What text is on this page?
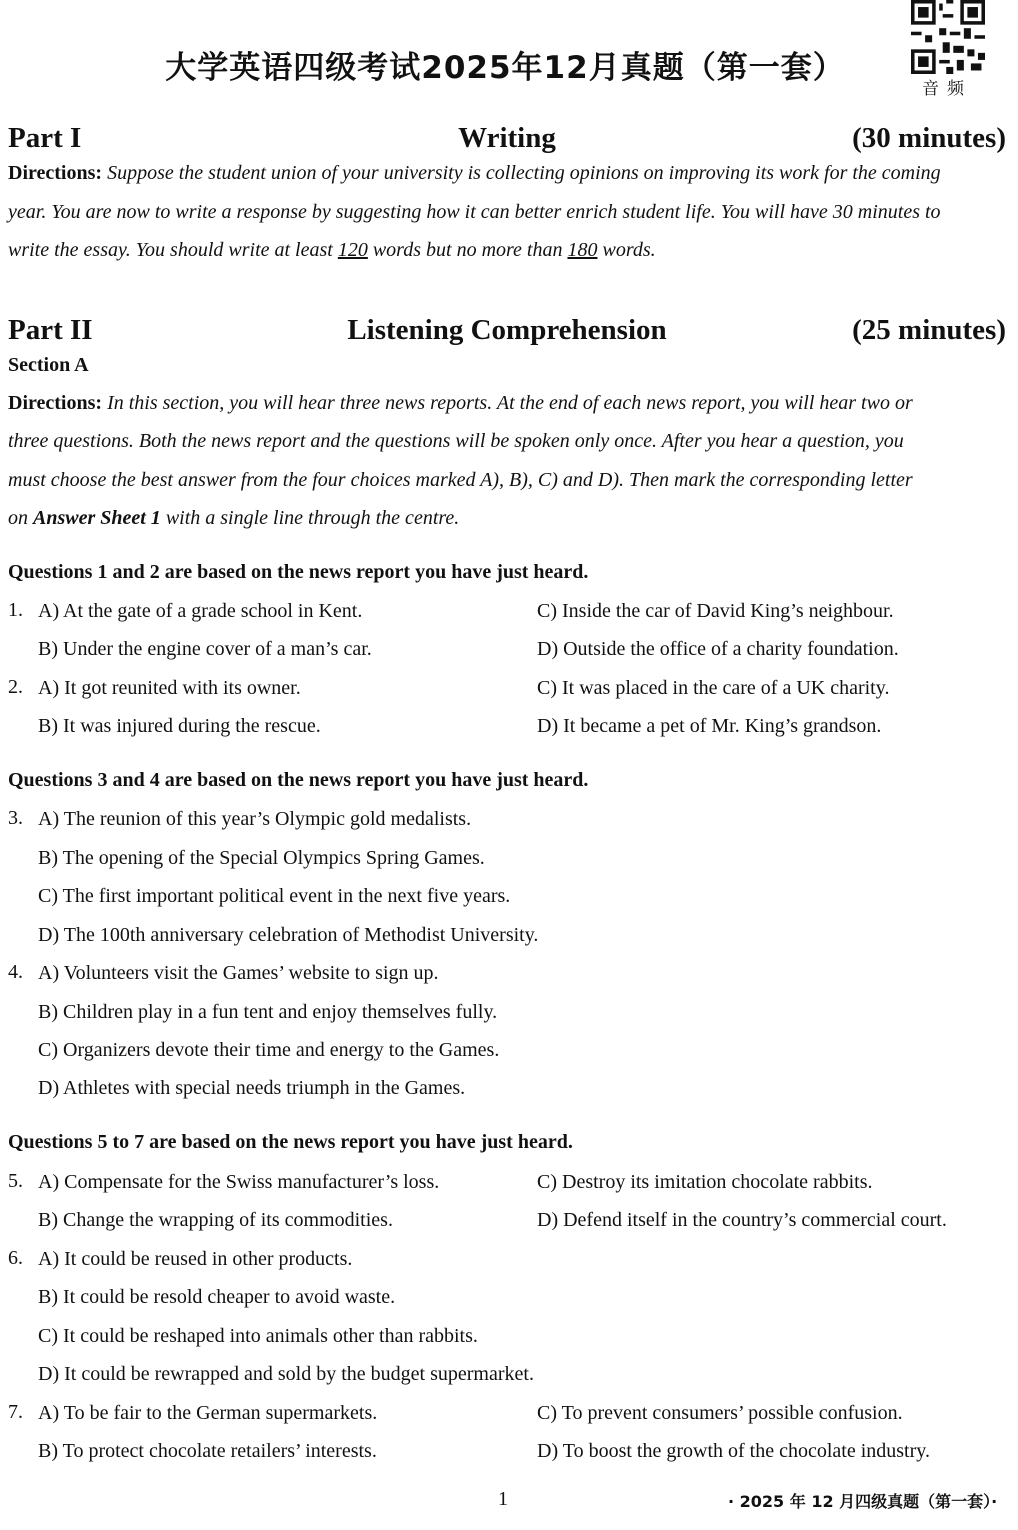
大学英语四级考试2025年12月真题（第一套）
音频
Part I	Writing	(30 minutes)
Directions: Suppose the student union of your university is collecting opinions on improving its work for the coming
year. You are now to write a response by suggesting how it can better enrich student life. You will have 30 minutes to
write the essay. You should write at least 120 words but no more than 180 words.
Part II	Listening Comprehension	(25 minutes)
Section A
Directions: In this section, you will hear three news reports. At the end of each news report, you will hear two or
three questions. Both the news report and the questions will be spoken only once. After you hear a question, you
must choose the best answer from the four choices marked A), B), C) and D). Then mark the corresponding letter
on Answer Sheet 1 with a single line through the centre.
Questions 1 and 2 are based on the news report you have just heard.
1. A) At the gate of a grade school in Kent.	C) Inside the car of David King’s neighbour.
B) Under the engine cover of a man’s car.	D) Outside the office of a charity foundation.
2. A) It got reunited with its owner.	C) It was placed in the care of a UK charity.
B) It was injured during the rescue.	D) It became a pet of Mr. King’s grandson.
Questions 3 and 4 are based on the news report you have just heard.
3. A) The reunion of this year’s Olympic gold medalists.
B) The opening of the Special Olympics Spring Games.
C) The first important political event in the next five years.
D) The 100th anniversary celebration of Methodist University.
4. A) Volunteers visit the Games’ website to sign up.
B) Children play in a fun tent and enjoy themselves fully.
C) Organizers devote their time and energy to the Games.
D) Athletes with special needs triumph in the Games.
Questions 5 to 7 are based on the news report you have just heard.
5. A) Compensate for the Swiss manufacturer’s loss.	C) Destroy its imitation chocolate rabbits.
B) Change the wrapping of its commodities.	D) Defend itself in the country’s commercial court.
6. A) It could be reused in other products.
B) It could be resold cheaper to avoid waste.
C) It could be reshaped into animals other than rabbits.
D) It could be rewrapped and sold by the budget supermarket.
7. A) To be fair to the German supermarkets.	C) To prevent consumers’ possible confusion.
B) To protect chocolate retailers’ interests.	D) To boost the growth of the chocolate industry.
1	· 2025 年 12 月四级真题（第一套）·
